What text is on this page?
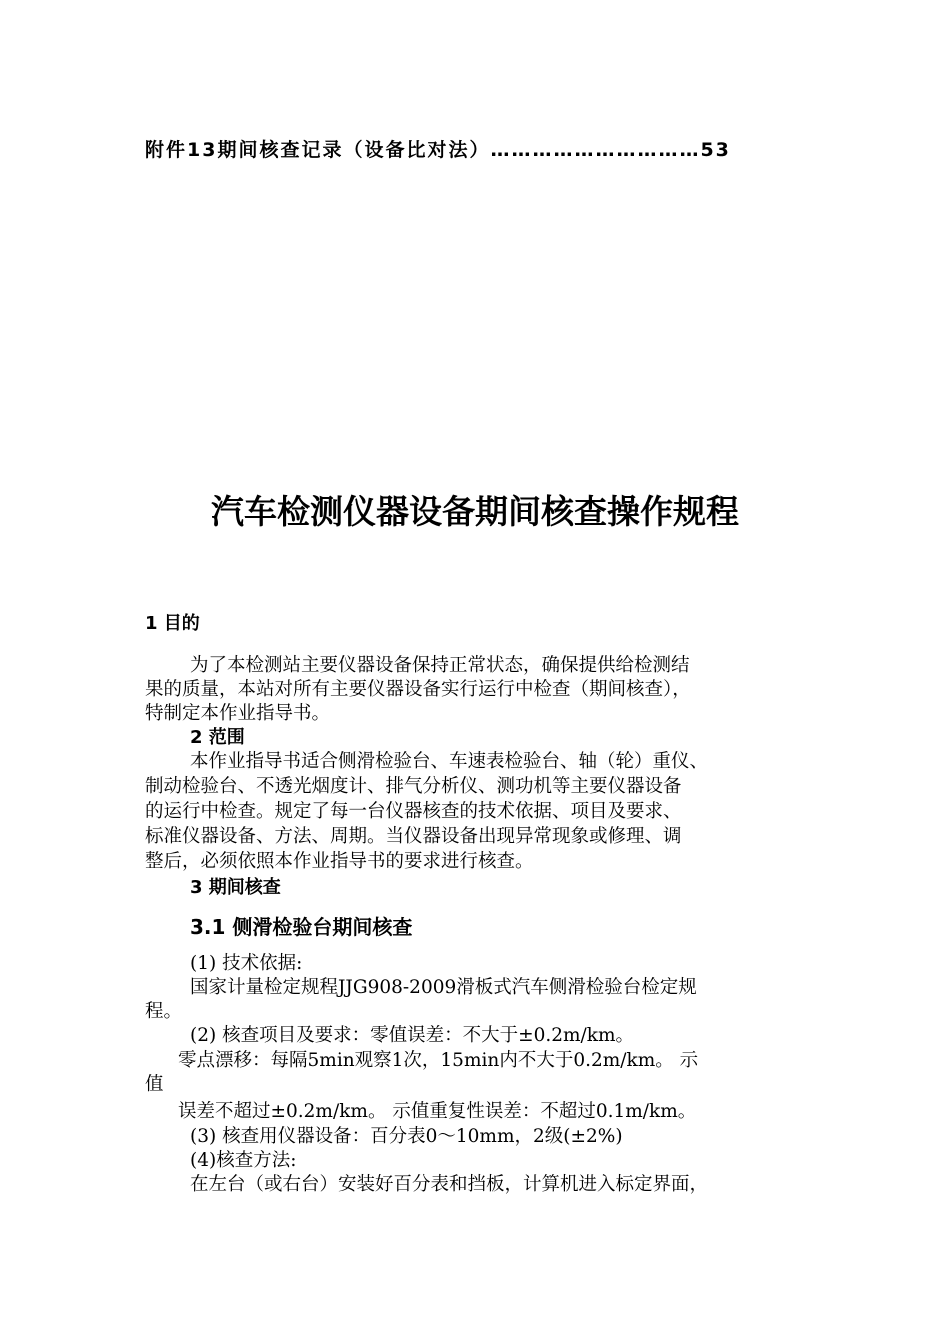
附件13期间核查记录（设备比对法）…………………………53
汽车检测仪器设备期间核查操作规程
1 目的
为了本检测站主要仪器设备保持正常状态，确保提供给检测结
果的质量，本站对所有主要仪器设备实行运行中检查（期间核查），
特制定本作业指导书。
2 范围
本作业指导书适合侧滑检验台、车速表检验台、轴（轮）重仪、
制动检验台、不透光烟度计、排气分析仪、测功机等主要仪器设备
的运行中检查。规定了每一台仪器核查的技术依据、项目及要求、
标准仪器设备、方法、周期。当仪器设备出现异常现象或修理、调
整后，必须依照本作业指导书的要求进行核查。
3 期间核查
3.1 侧滑检验台期间核查
(1) 技术依据:
国家计量检定规程JJG908-2009滑板式汽车侧滑检验台检定规
程。
(2) 核查项目及要求：零值误差：不大于±0.2m/km。
零点漂移：每隔5min观察1次，15min内不大于0.2m/km。 示
值
误差不超过±0.2m/km。 示值重复性误差：不超过0.1m/km。
(3) 核查用仪器设备：百分表0～10mm，2级(±2%)
(4)核查方法:
在左台（或右台）安装好百分表和挡板，计算机进入标定界面，
